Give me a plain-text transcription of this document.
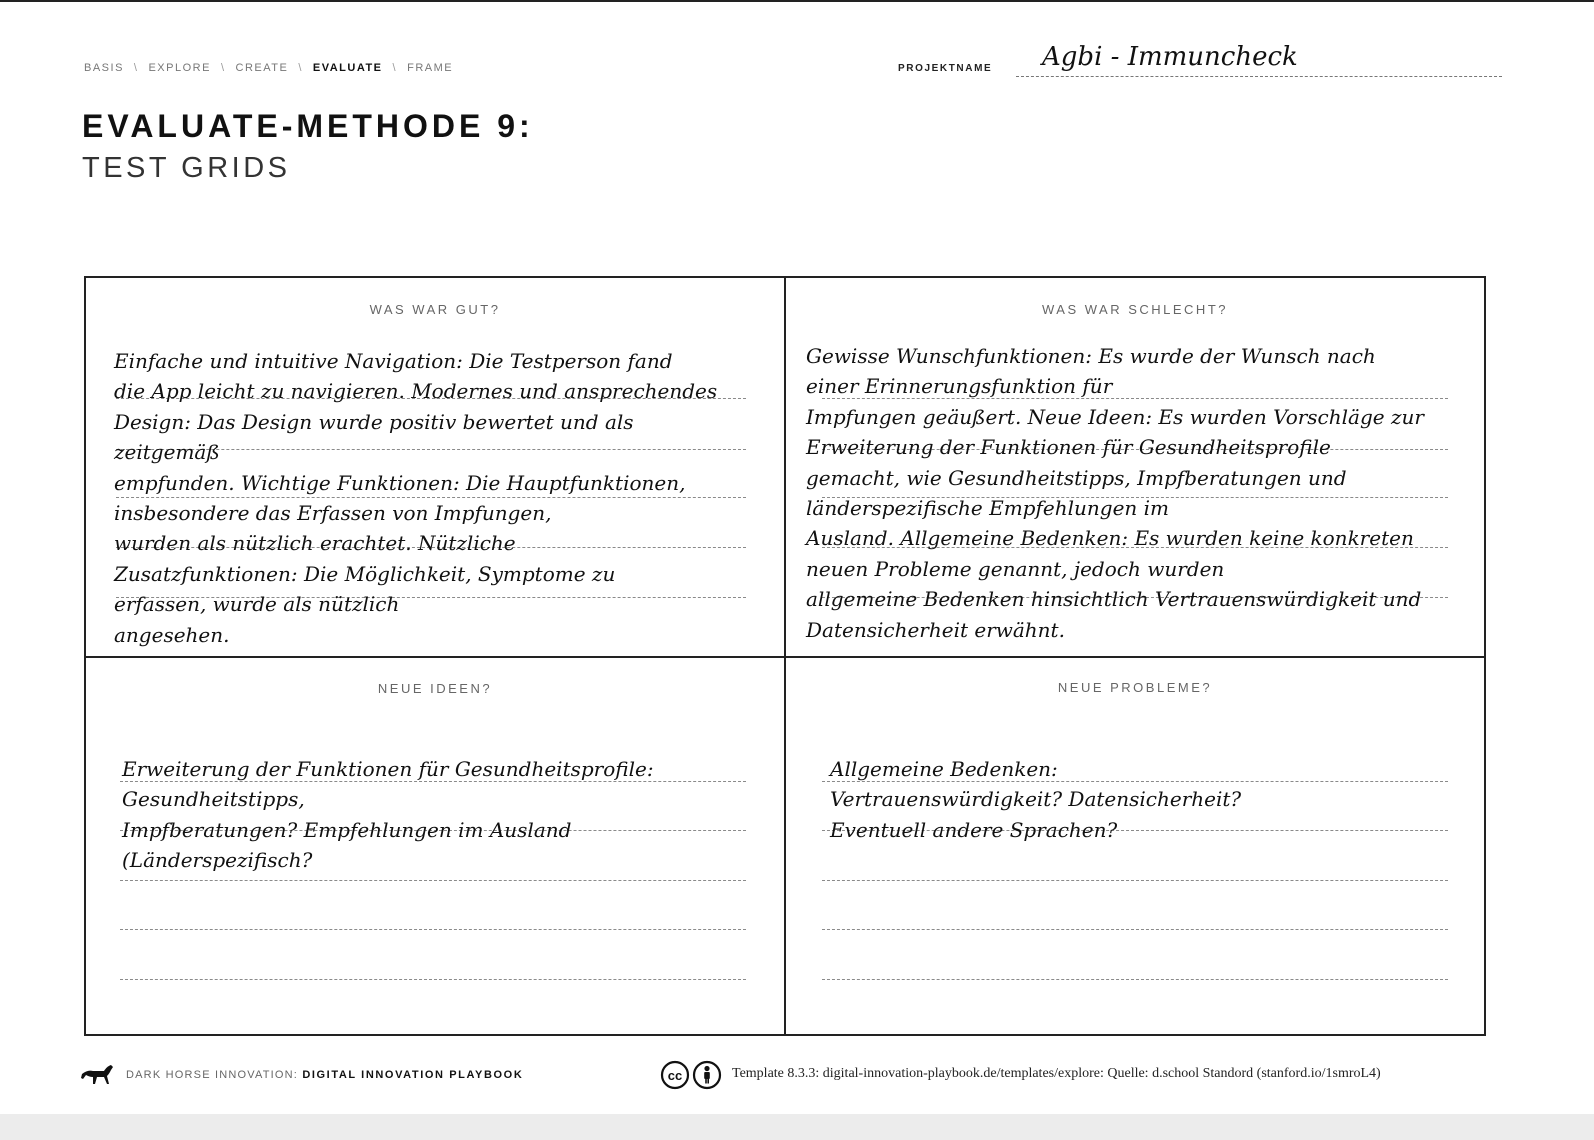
BASIS \ EXPLORE \ CREATE \ EVALUATE \ FRAME	PROJEKTNAME Agbi - Immuncheck
EVALUATE-METHODE 9:
TEST GRIDS
WAS WAR GUT?	WAS WAR SCHLECHT?
NEUE IDEEN?	NEUE PROBLEME?
Einfache und intuitive Navigation: Die Testperson fand
die App leicht zu navigieren. Modernes und ansprechendes
Design: Das Design wurde positiv bewertet und als
zeitgemäß
empfunden. Wichtige Funktionen: Die Hauptfunktionen,
insbesondere das Erfassen von Impfungen,
wurden als nützlich erachtet. Nützliche
Zusatzfunktionen: Die Möglichkeit, Symptome zu
erfassen, wurde als nützlich
angesehen.
Gewisse Wunschfunktionen: Es wurde der Wunsch nach
einer Erinnerungsfunktion für
Impfungen geäußert. Neue Ideen: Es wurden Vorschläge zur
Erweiterung der Funktionen für Gesundheitsprofile
gemacht, wie Gesundheitstipps, Impfberatungen und
länderspezifische Empfehlungen im
Ausland. Allgemeine Bedenken: Es wurden keine konkreten
neuen Probleme genannt, jedoch wurden
allgemeine Bedenken hinsichtlich Vertrauenswürdigkeit und
Datensicherheit erwähnt.
Erweiterung der Funktionen für Gesundheitsprofile:
Gesundheitstipps,
Impfberatungen? Empfehlungen im Ausland
(Länderspezifisch?
Allgemeine Bedenken:
Vertrauenswürdigkeit? Datensicherheit?
Eventuell andere Sprachen?
DARK HORSE INNOVATION: DIGITAL INNOVATION PLAYBOOK	cc	Template 8.3.3: digital-innovation-playbook.de/templates/explore: Quelle: d.school Standord (stanford.io/1smroL4)
